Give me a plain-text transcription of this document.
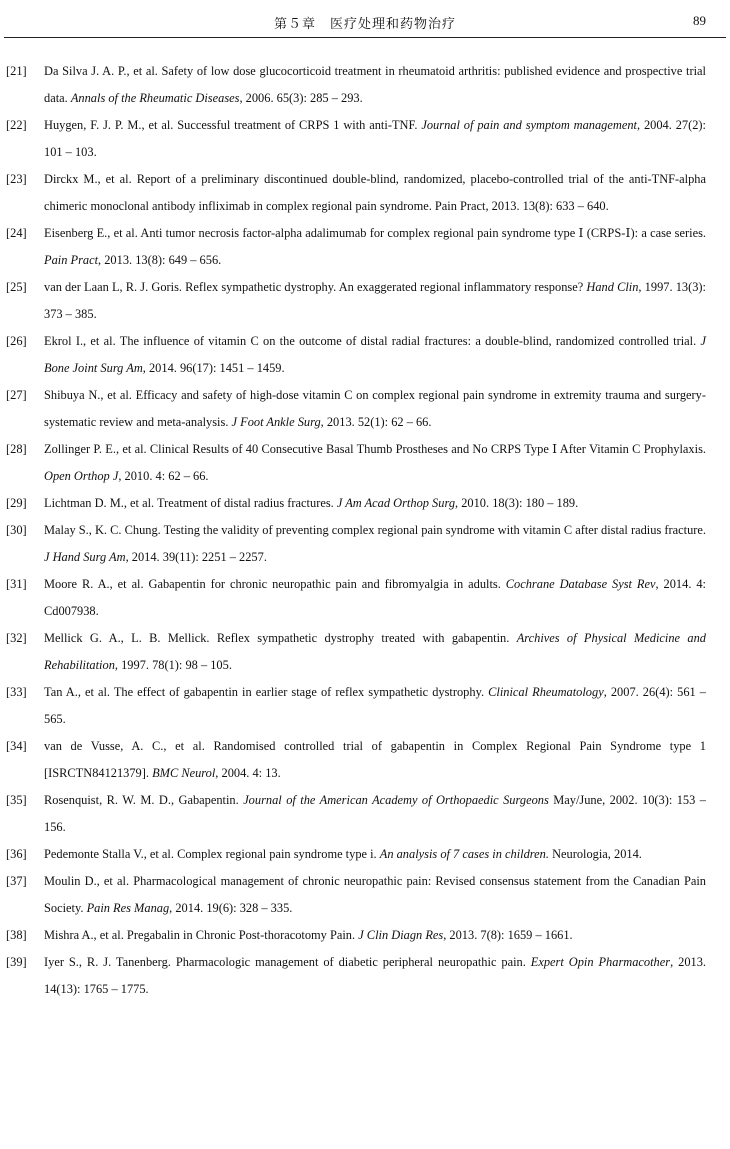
第５章　医疗处理和药物治疗	89
[21] Da Silva J. A. P., et al. Safety of low dose glucocorticoid treatment in rheumatoid arthritis: published evidence and prospective trial data. Annals of the Rheumatic Diseases, 2006. 65(3): 285 – 293.
[22] Huygen, F. J. P. M., et al. Successful treatment of CRPS 1 with anti-TNF. Journal of pain and symptom management, 2004. 27(2): 101 – 103.
[23] Dirckx M., et al. Report of a preliminary discontinued double-blind, randomized, placebo-controlled trial of the anti-TNF-alpha chimeric monoclonal antibody infliximab in complex regional pain syndrome. Pain Pract, 2013. 13(8): 633 – 640.
[24] Eisenberg E., et al. Anti tumor necrosis factor-alpha adalimumab for complex regional pain syndrome type Ⅰ (CRPS-Ⅰ): a case series. Pain Pract, 2013. 13(8): 649 – 656.
[25] van der Laan L, R. J. Goris. Reflex sympathetic dystrophy. An exaggerated regional inflammatory response? Hand Clin, 1997. 13(3): 373 – 385.
[26] Ekrol I., et al. The influence of vitamin C on the outcome of distal radial fractures: a double-blind, randomized controlled trial. J Bone Joint Surg Am, 2014. 96(17): 1451 – 1459.
[27] Shibuya N., et al. Efficacy and safety of high-dose vitamin C on complex regional pain syndrome in extremity trauma and surgery-systematic review and meta-analysis. J Foot Ankle Surg, 2013. 52(1): 62 – 66.
[28] Zollinger P. E., et al. Clinical Results of 40 Consecutive Basal Thumb Prostheses and No CRPS Type Ⅰ After Vitamin C Prophylaxis. Open Orthop J, 2010. 4: 62 – 66.
[29] Lichtman D. M., et al. Treatment of distal radius fractures. J Am Acad Orthop Surg, 2010. 18(3): 180 – 189.
[30] Malay S., K. C. Chung. Testing the validity of preventing complex regional pain syndrome with vitamin C after distal radius fracture. J Hand Surg Am, 2014. 39(11): 2251 – 2257.
[31] Moore R. A., et al. Gabapentin for chronic neuropathic pain and fibromyalgia in adults. Cochrane Database Syst Rev, 2014. 4: Cd007938.
[32] Mellick G. A., L. B. Mellick. Reflex sympathetic dystrophy treated with gabapentin. Archives of Physical Medicine and Rehabilitation, 1997. 78(1): 98 – 105.
[33] Tan A., et al. The effect of gabapentin in earlier stage of reflex sympathetic dystrophy. Clinical Rheumatology, 2007. 26(4): 561 – 565.
[34] van de Vusse, A. C., et al. Randomised controlled trial of gabapentin in Complex Regional Pain Syndrome type 1 [ISRCTN84121379]. BMC Neurol, 2004. 4: 13.
[35] Rosenquist, R. W. M. D., Gabapentin. Journal of the American Academy of Orthopaedic Surgeons May/June, 2002. 10(3): 153 – 156.
[36] Pedemonte Stalla V., et al. Complex regional pain syndrome type i. An analysis of 7 cases in children. Neurologia, 2014.
[37] Moulin D., et al. Pharmacological management of chronic neuropathic pain: Revised consensus statement from the Canadian Pain Society. Pain Res Manag, 2014. 19(6): 328 – 335.
[38] Mishra A., et al. Pregabalin in Chronic Post-thoracotomy Pain. J Clin Diagn Res, 2013. 7(8): 1659 – 1661.
[39] Iyer S., R. J. Tanenberg. Pharmacologic management of diabetic peripheral neuropathic pain. Expert Opin Pharmacother, 2013. 14(13): 1765 – 1775.
